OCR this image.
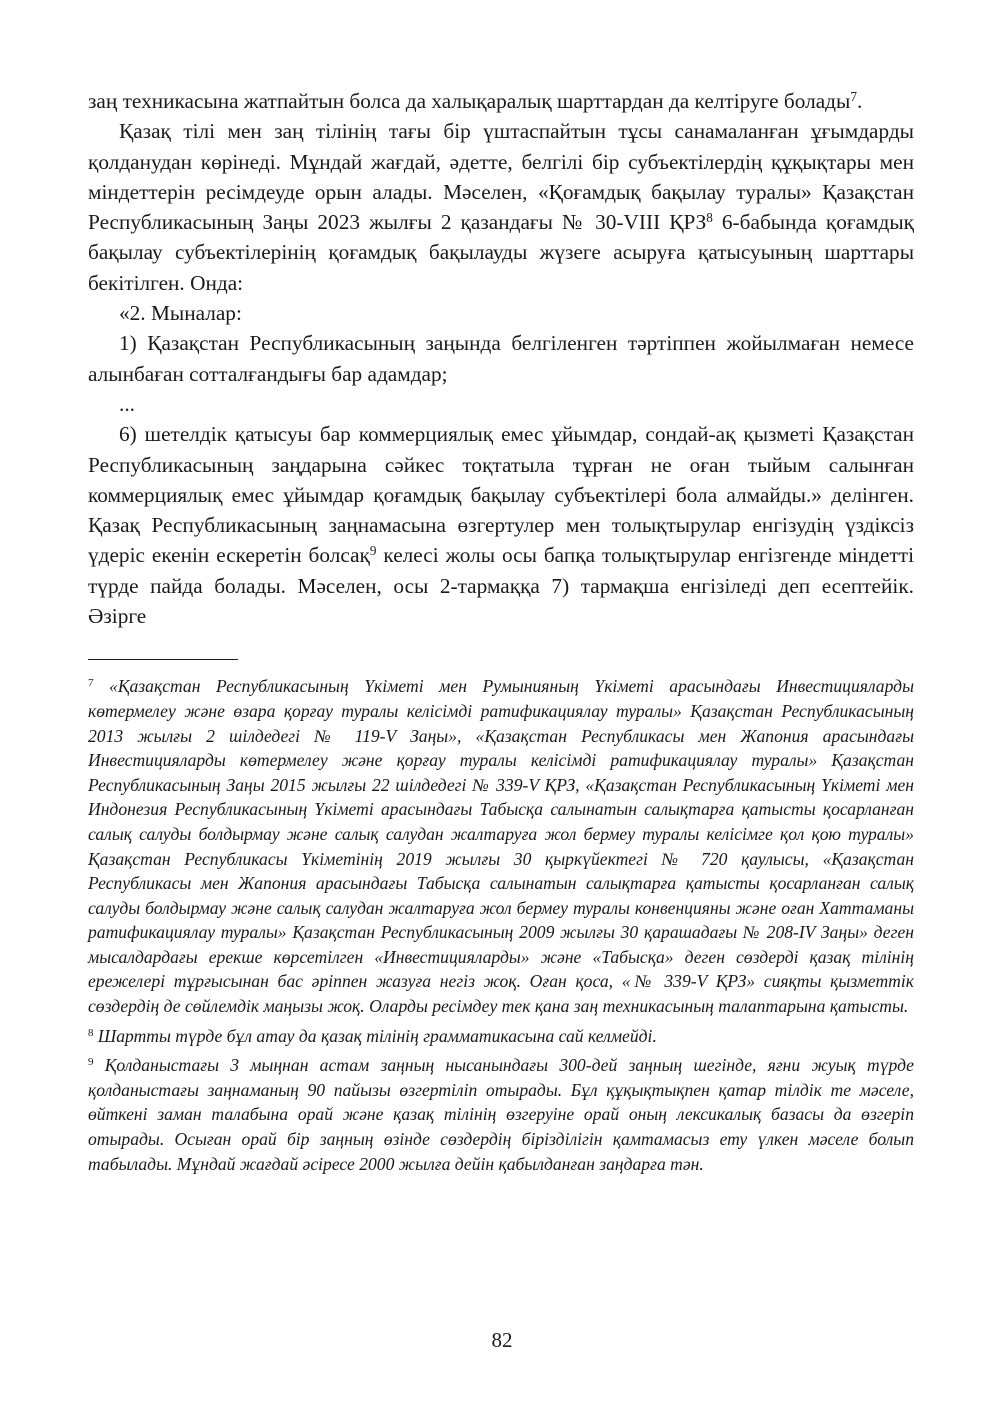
заң техникасына жатпайтын болса да халықаралық шарттардан да келтіруге болады$^7$.

Қазақ тілі мен заң тілінің тағы бір үштаспайтын тұсы санамаланған ұғымдарды қолданудан көрінеді. Мұндай жағдай, әдетте, белгілі бір субъектілердің құқықтары мен міндеттерін ресімдеуде орын алады. Мәселен, «Қоғамдық бақылау туралы» Қазақстан Республикасының Заңы 2023 жылғы 2 қазандағы № 30-VIII ҚРЗ$^8$ 6-бабында қоғамдық бақылау субъектілерінің қоғамдық бақылауды жүзеге асыруға қатысуының шарттары бекітілген. Онда:

«2. Мыналар:

1) Қазақстан Республикасының заңында белгіленген тәртіппен жойылмаған немесе алынбаған сотталғандығы бар адамдар;

...

6) шетелдік қатысуы бар коммерциялық емес ұйымдар, сондай-ақ қызметі Қазақстан Республикасының заңдарына сәйкес тоқтатыла тұрған не оған тыйым салынған коммерциялық емес ұйымдар қоғамдық бақылау субъектілері бола алмайды.» делінген. Қазақ Республикасының заңнамасына өзгертулер мен толықтырулар енгізудің үздіксіз үдеріс екенін ескеретін болсақ$^9$ келесі жолы осы бапқа толықтырулар енгізгенде міндетті түрде пайда болады. Мәселен, осы 2-тармаққа 7) тармақша енгізіледі деп есептейік. Әзірге

$^7$ «Қазақстан Республикасының Үкіметі мен Румынияның Үкіметі арасындағы Инвестицияларды көтермелеу және өзара қорғау туралы келісімді ратификациялау туралы» Қазақстан Республикасының 2013 жылғы 2 шілдедегі № 119-V Заңы», «Қазақстан Республикасы мен Жапония арасындағы Инвестицияларды көтермелеу және қорғау туралы келісімді ратификациялау туралы» Қазақстан Республикасының Заңы 2015 жылғы 22 шілдедегі № 339-V ҚРЗ, «Қазақстан Республикасының Үкіметі мен Индонезия Республикасының Үкіметі арасындағы Табысқа салынатын салықтарға қатысты қосарланған салық салуды болдырмау және салық салудан жалтаруға жол бермеу туралы келісімге қол қою туралы» Қазақстан Республикасы Үкіметінің 2019 жылғы 30 қыркүйектегі № 720 қаулысы, «Қазақстан Республикасы мен Жапония арасындағы Табысқа салынатын салықтарға қатысты қосарланған салық салуды болдырмау және салық салудан жалтаруға жол бермеу туралы конвенцияны және оған Хаттаманы ратификациялау туралы» Қазақстан Республикасының 2009 жылғы 30 қарашадағы № 208-IV Заңы» деген мысалдардағы ерекше көрсетілген «Инвестицияларды» және «Табысқа» деген сөздерді қазақ тілінің ережелері тұрғысынан бас әріппен жазуға негіз жоқ. Оған қоса, «№ 339-V ҚРЗ» сияқты қызметтік сөздердің де сөйлемдік маңызы жоқ. Оларды ресімдеу тек қана заң техникасының талаптарына қатысты.

$^8$ Шартты түрде бұл атау да қазақ тілінің грамматикасына сай келмейді.

$^9$ Қолданыстағы 3 мыңнан астам заңның нысанындағы 300-дей заңның шегінде, яғни жуық түрде қолданыстағы заңнаманың 90 пайызы өзгертіліп отырады. Бұл құқықтықпен қатар тілдік те мәселе, өйткені заман талабына орай және қазақ тілінің өзгеруіне орай оның лексикалық базасы да өзгеріп отырады. Осыған орай бір заңның өзінде сөздердің бірізділігін қамтамасыз ету үлкен мәселе болып табылады. Мұндай жағдай әсіресе 2000 жылға дейін қабылданған заңдарға тән.

82
